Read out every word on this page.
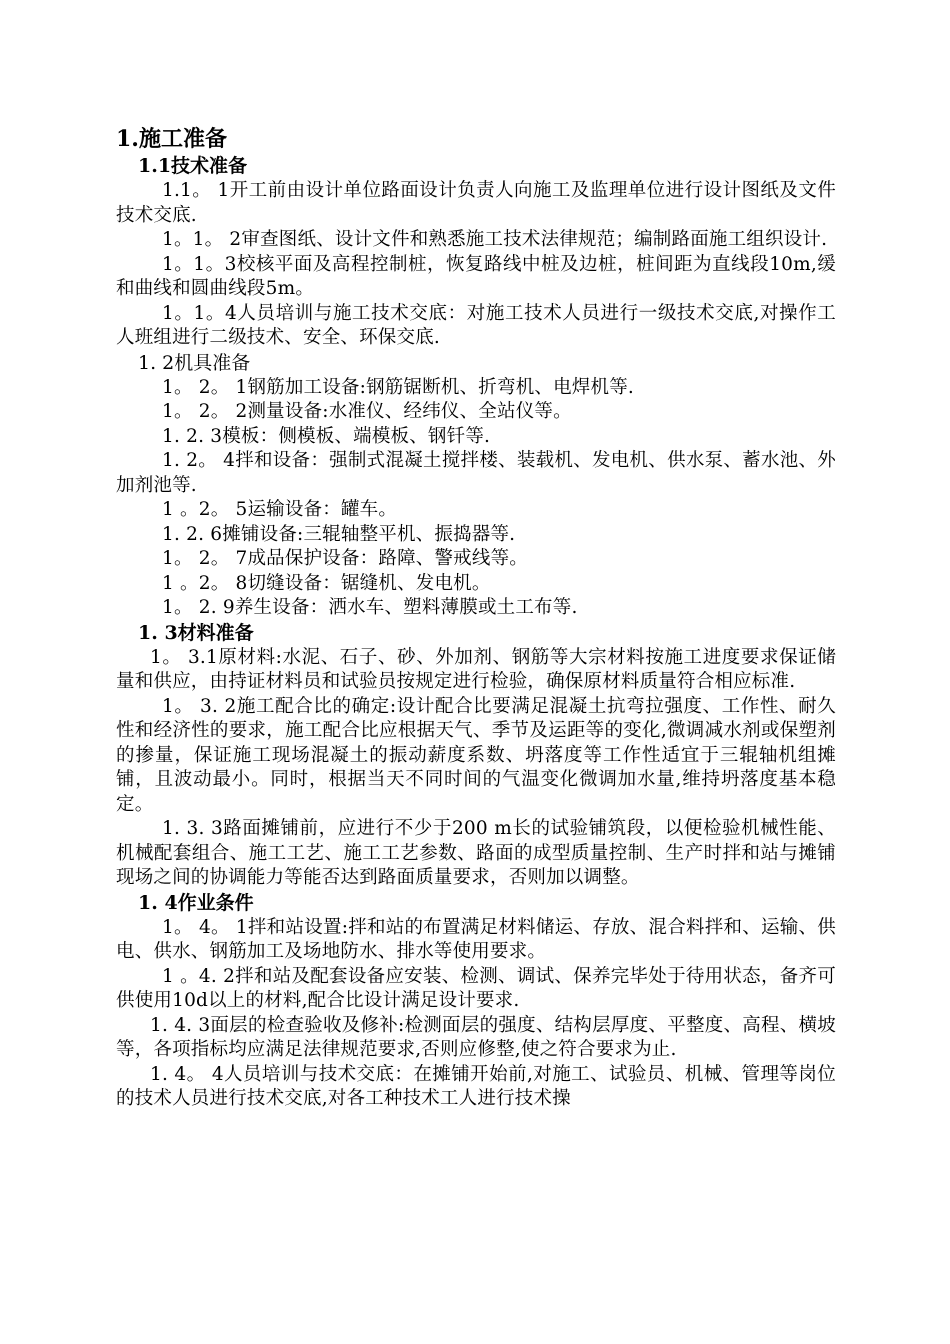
1.施工准备

1.1技术准备

1.1。 1开工前由设计单位路面设计负责人向施工及监理单位进行设计图纸及文件技术交底.

1。1。 2审查图纸、设计文件和熟悉施工技术法律规范；编制路面施工组织设计.

1。1。3校核平面及高程控制桩，恢复路线中桩及边桩，桩间距为直线段10m,缓和曲线和圆曲线段5m。

1。1。4人员培训与施工技术交底：对施工技术人员进行一级技术交底,对操作工人班组进行二级技术、安全、环保交底.

1. 2机具准备

1。 2。 1钢筋加工设备:钢筋锯断机、折弯机、电焊机等.

1。 2。 2测量设备:水准仪、经纬仪、全站仪等。

1. 2. 3模板：侧模板、端模板、钢钎等.

1. 2。 4拌和设备：强制式混凝土搅拌楼、装载机、发电机、供水泵、蓄水池、外加剂池等.

1 。2。 5运输设备：罐车。

1. 2. 6摊铺设备:三辊轴整平机、振捣器等.

1。 2。 7成品保护设备：路障、警戒线等。

1 。2。 8切缝设备：锯缝机、发电机。

1。 2. 9养生设备：洒水车、塑料薄膜或土工布等.

1. 3材料准备

1。 3.1原材料:水泥、石子、砂、外加剂、钢筋等大宗材料按施工进度要求保证储量和供应，由持证材料员和试验员按规定进行检验，确保原材料质量符合相应标准.

1。 3. 2施工配合比的确定:设计配合比要满足混凝土抗弯拉强度、工作性、耐久性和经济性的要求，施工配合比应根据天气、季节及运距等的变化,微调减水剂或保塑剂的掺量，保证施工现场混凝土的振动薪度系数、坍落度等工作性适宜于三辊轴机组摊铺，且波动最小。同时，根据当天不同时间的气温变化微调加水量,维持坍落度基本稳定。

1. 3. 3路面摊铺前，应进行不少于200 m长的试验铺筑段，以便检验机械性能、机械配套组合、施工工艺、施工工艺参数、路面的成型质量控制、生产时拌和站与摊铺现场之间的协调能力等能否达到路面质量要求，否则加以调整。

1. 4作业条件

1。 4。 1拌和站设置:拌和站的布置满足材料储运、存放、混合料拌和、运输、供电、供水、钢筋加工及场地防水、排水等使用要求。

1 。4. 2拌和站及配套设备应安装、检测、调试、保养完毕处于待用状态，备齐可供使用10d以上的材料,配合比设计满足设计要求.

1. 4. 3面层的检查验收及修补:检测面层的强度、结构层厚度、平整度、高程、横坡等，各项指标均应满足法律规范要求,否则应修整,使之符合要求为止.

1. 4。 4人员培训与技术交底：在摊铺开始前,对施工、试验员、机械、管理等岗位的技术人员进行技术交底,对各工种技术工人进行技术操
